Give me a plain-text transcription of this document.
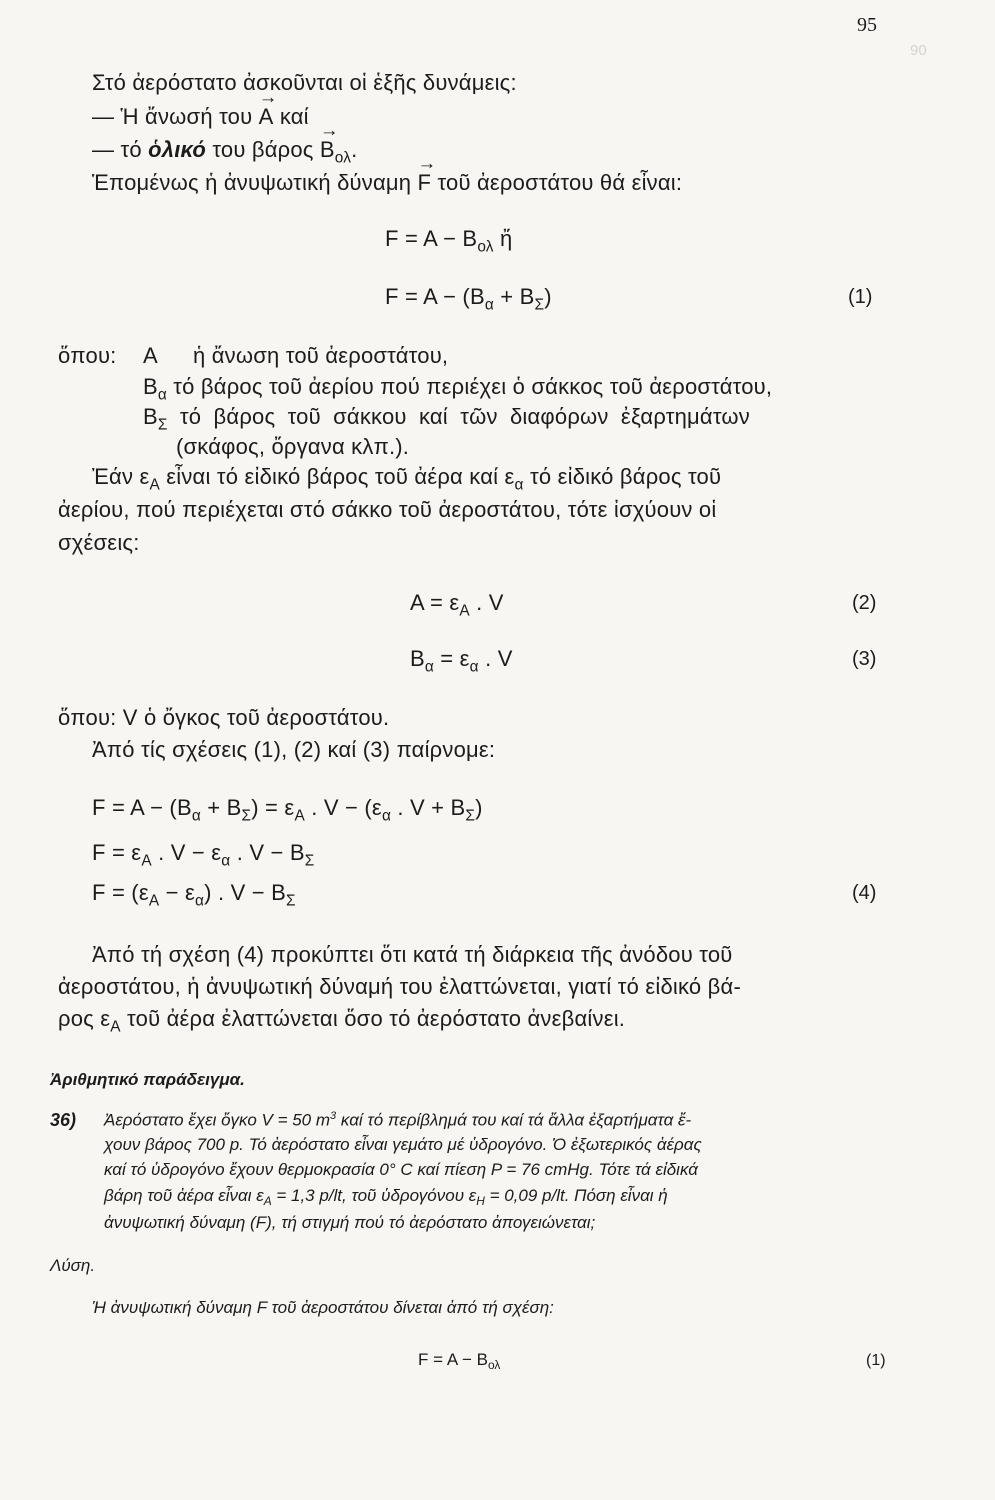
95
90
Στό ἀερόστατο ἀσκοῦνται οἱ ἑξῆς δυνάμεις:
— Ἡ ἄνωσή του → A καί
— τό ὁλικό του $\beta ά\rho o\varsigma \to B_{o\lambda}$.
Ἑπομένως ἡ ἀνυψωτική δύναμη → F τοῦ ἀεροστάτου θά εἶναι:
$F = A - B_{o\lambda}$ ἤ
$F = A - (B_\alpha + B_\Sigma)$	(1)
ὅπου: A ἡ ἄνωση τοῦ ἀεροστάτου,
$B_\alpha$ τό βάρος τοῦ ἀερίου πού περιέχει ὁ σάκκος τοῦ ἀεροστάτου,
$B_\Sigma$ τό βάρος τοῦ σάκκου καί τῶν διαφόρων ἐξαρτημάτων
(σκάφος, ὄργανα κλπ.).
Ἐάν $\varepsilon_A$ εἶναι τό εἰδικό βάρος τοῦ ἀέρα καί $\varepsilon_\alpha$ τό εἰδικό βάρος τοῦ
ἀερίου, πού περιέχεται στό σάκκο τοῦ ἀεροστάτου, τότε ἰσχύουν οἱ
σχέσεις:
$A = \varepsilon_A$ . V	(2)
$B_\alpha = \varepsilon_\alpha$ . V	(3)
ὅπου: V ὁ ὄγκος τοῦ ἀεροστάτου.
Ἀπό τίς σχέσεις (1), (2) καί (3) παίρνομε:
$F = A - (B_\alpha + B_\Sigma) = \varepsilon_A$ . $V - (\varepsilon_\alpha$ . $V + B_\Sigma$)
$F = \varepsilon_A$ . $V - \varepsilon_\alpha$ . $V - B_\Sigma$
$F = (\varepsilon_A - \varepsilon_\alpha)$ . $V - B_\Sigma$	(4)
Ἀπό τή σχέση (4) προκύπτει ὅτι κατά τή διάρκεια τῆς ἀνόδου τοῦ
ἀεροστάτου, ἡ ἀνυψωτική δύναμή του ἐλαττώνεται, γιατί τό εἰδικό βά-
ρος $\varepsilon_A$ τοῦ ἀέρα ἐλαττώνεται ὅσο τό ἀερόστατο ἀνεβαίνει.
Ἀριθμητικό παράδειγμα.
36) Ἀερόστατο ἔχει ὄγκο V = 50 $m^3$ καί τό περίβλημά του καί τά ἄλλα ἐξαρτήματα ἔ-
χουν βάρος 700 p. Τό ἀερόστατο εἶναι γεμάτο μέ ὑδρογόνο. Ὁ ἐξωτερικός ἀέρας
καί τό ὑδρογόνο ἔχουν θερμοκρασία 0° C καί πίεση P = 76 cmHg. Τότε τά εἰδικά
βάρη τοῦ ἀέρα εἶναι $\varepsilon_A = 1,3$ p/lt, τοῦ ὑδρογόνου $\varepsilon_H = 0,09$ p/lt. Πόση εἶναι ἡ
ἀνυψωτική δύναμη (F), τή στιγμή πού τό ἀερόστατο ἀπογειώνεται;
Λύση.
Ἡ ἀνυψωτική δύναμη F τοῦ ἀεροστάτου δίνεται ἀπό τή σχέση:
$F = A - B_{o\lambda}$	(1)
